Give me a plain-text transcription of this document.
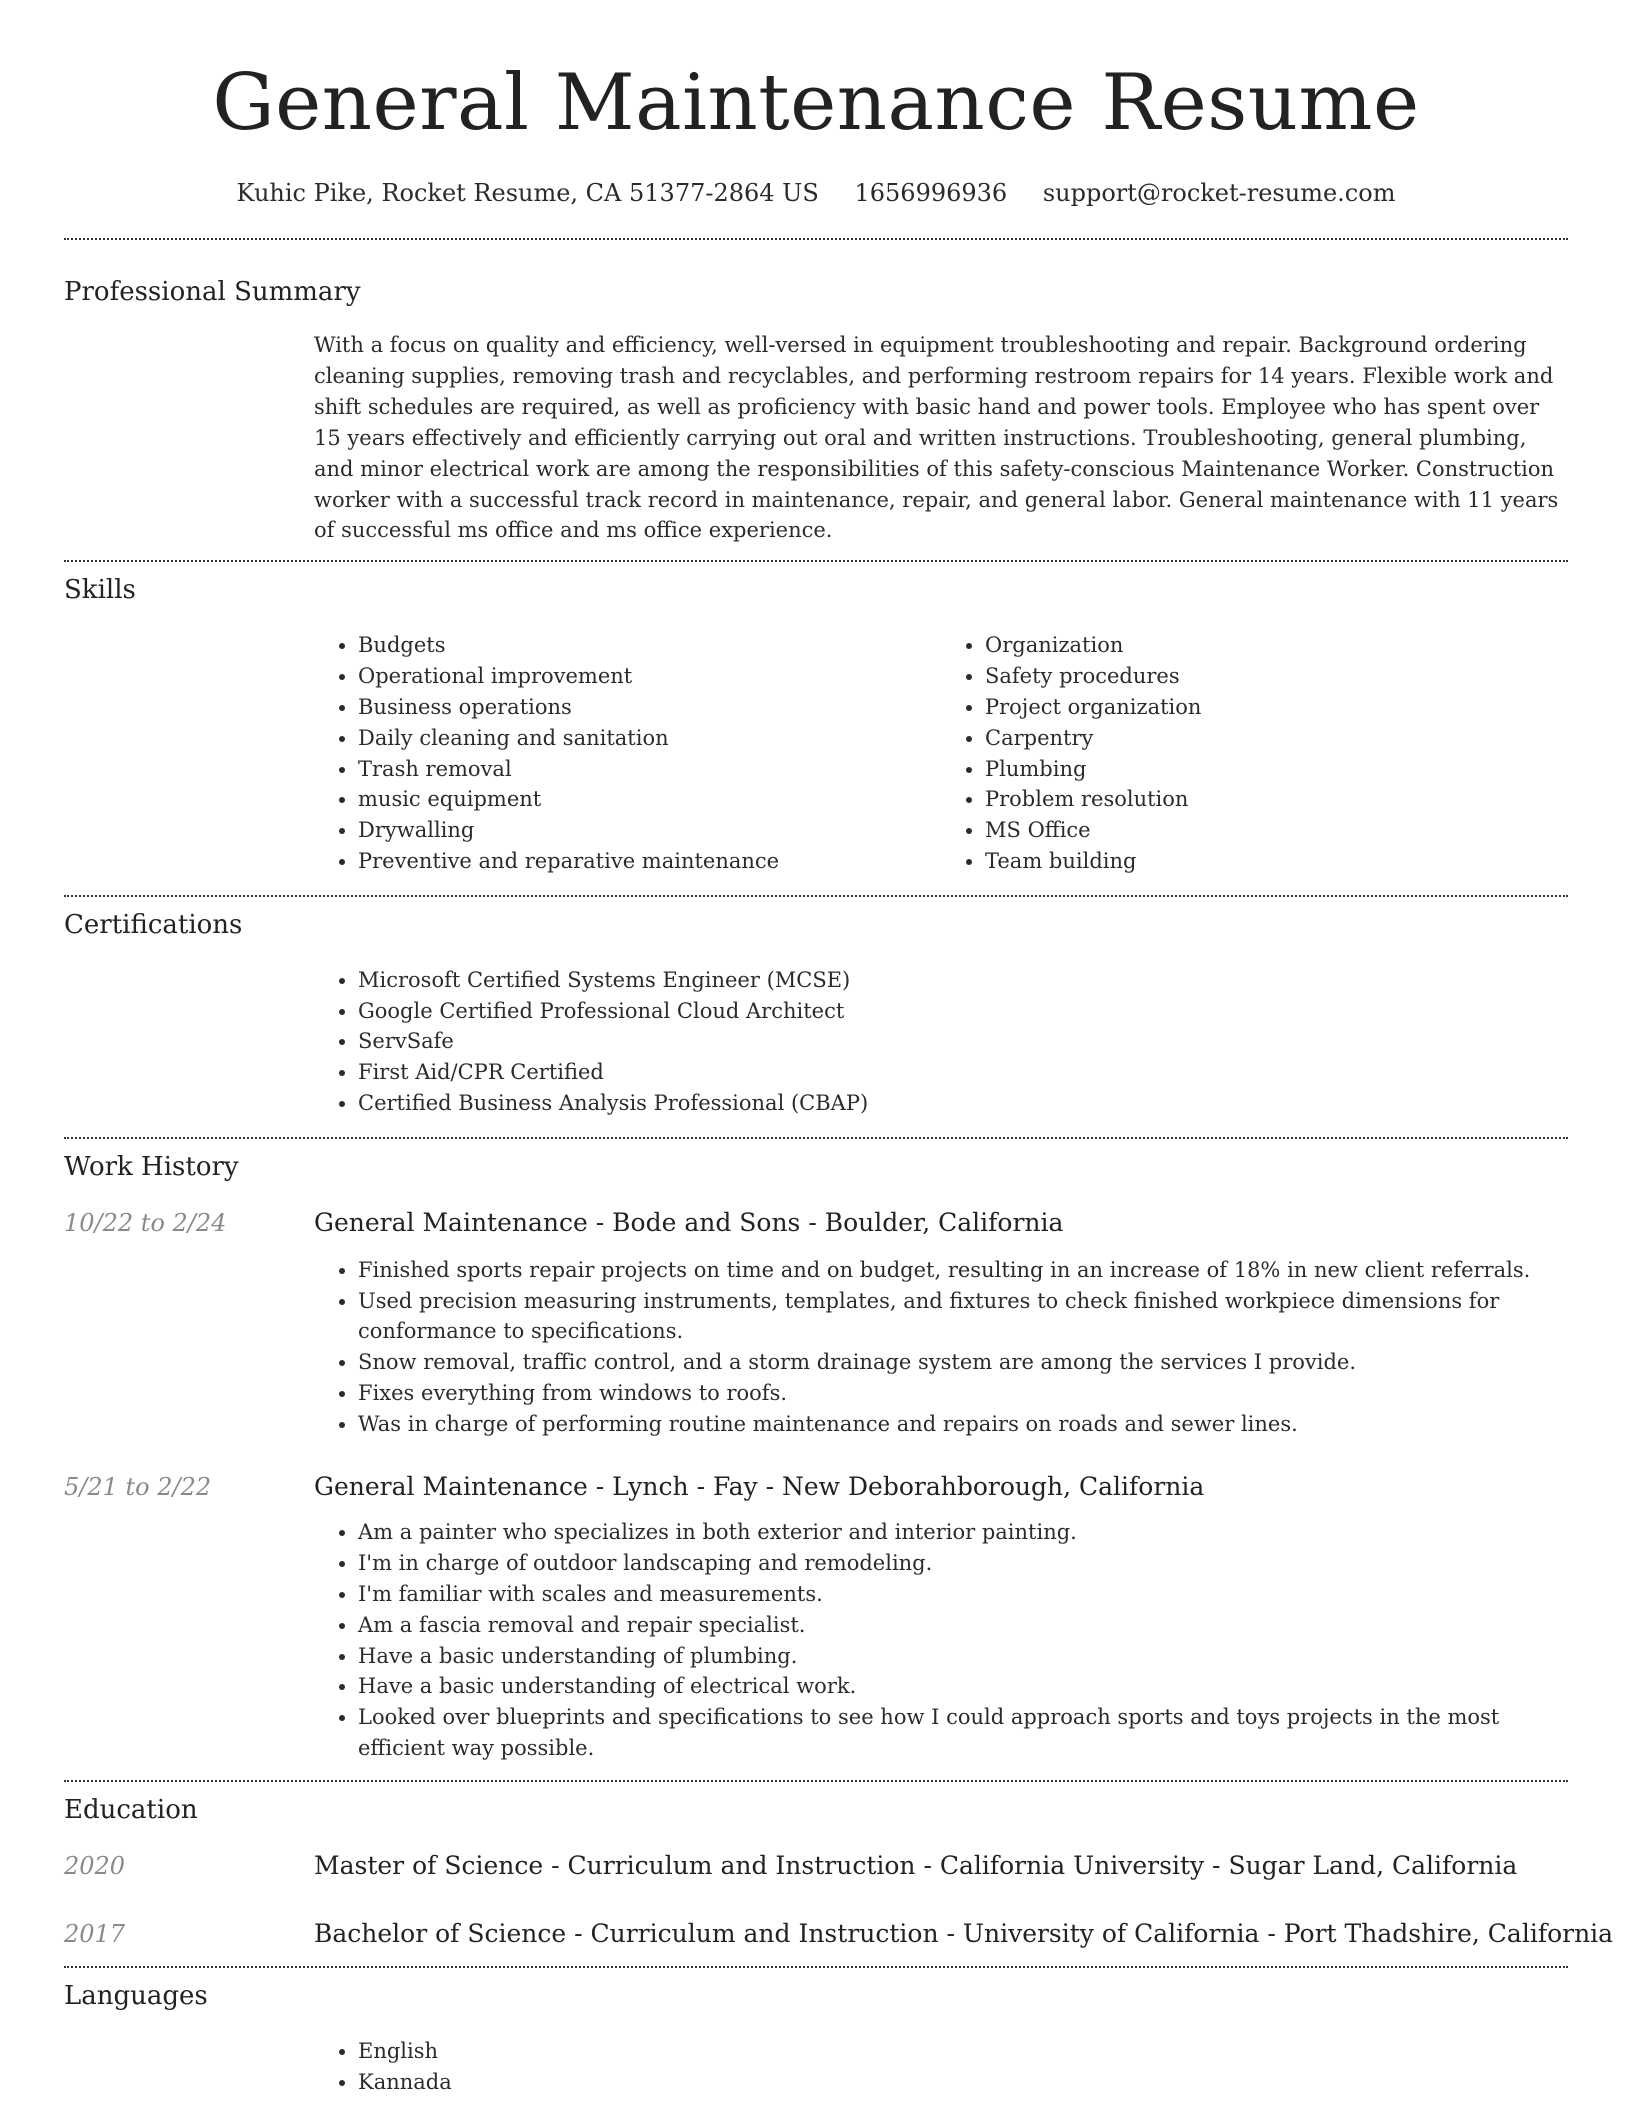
General Maintenance Resume
Kuhic Pike, Rocket Resume, CA 51377-2864 US 1656996936 support@rocket-resume.com
Professional Summary
With a focus on quality and efficiency, well-versed in equipment troubleshooting and repair. Background ordering cleaning supplies, removing trash and recyclables, and performing restroom repairs for 14 years. Flexible work and shift schedules are required, as well as proficiency with basic hand and power tools. Employee who has spent over 15 years effectively and efficiently carrying out oral and written instructions. Troubleshooting, general plumbing, and minor electrical work are among the responsibilities of this safety-conscious Maintenance Worker. Construction worker with a successful track record in maintenance, repair, and general labor. General maintenance with 11 years of successful ms office and ms office experience.
Skills
• Budgets
• Operational improvement
• Business operations
• Daily cleaning and sanitation
• Trash removal
• music equipment
• Drywalling
• Preventive and reparative maintenance
• Organization
• Safety procedures
• Project organization
• Carpentry
• Plumbing
• Problem resolution
• MS Office
• Team building
Certifications
• Microsoft Certified Systems Engineer (MCSE)
• Google Certified Professional Cloud Architect
• ServSafe
• First Aid/CPR Certified
• Certified Business Analysis Professional (CBAP)
Work History
10/22 to 2/24	General Maintenance - Bode and Sons - Boulder, California
• Finished sports repair projects on time and on budget, resulting in an increase of 18% in new client referrals.
• Used precision measuring instruments, templates, and fixtures to check finished workpiece dimensions for conformance to specifications.
• Snow removal, traffic control, and a storm drainage system are among the services I provide.
• Fixes everything from windows to roofs.
• Was in charge of performing routine maintenance and repairs on roads and sewer lines.
5/21 to 2/22	General Maintenance - Lynch - Fay - New Deborahborough, California
• Am a painter who specializes in both exterior and interior painting.
• I'm in charge of outdoor landscaping and remodeling.
• I'm familiar with scales and measurements.
• Am a fascia removal and repair specialist.
• Have a basic understanding of plumbing.
• Have a basic understanding of electrical work.
• Looked over blueprints and specifications to see how I could approach sports and toys projects in the most efficient way possible.
Education
2020	Master of Science - Curriculum and Instruction - California University - Sugar Land, California
2017	Bachelor of Science - Curriculum and Instruction - University of California - Port Thadshire, California
Languages
• English
• Kannada
